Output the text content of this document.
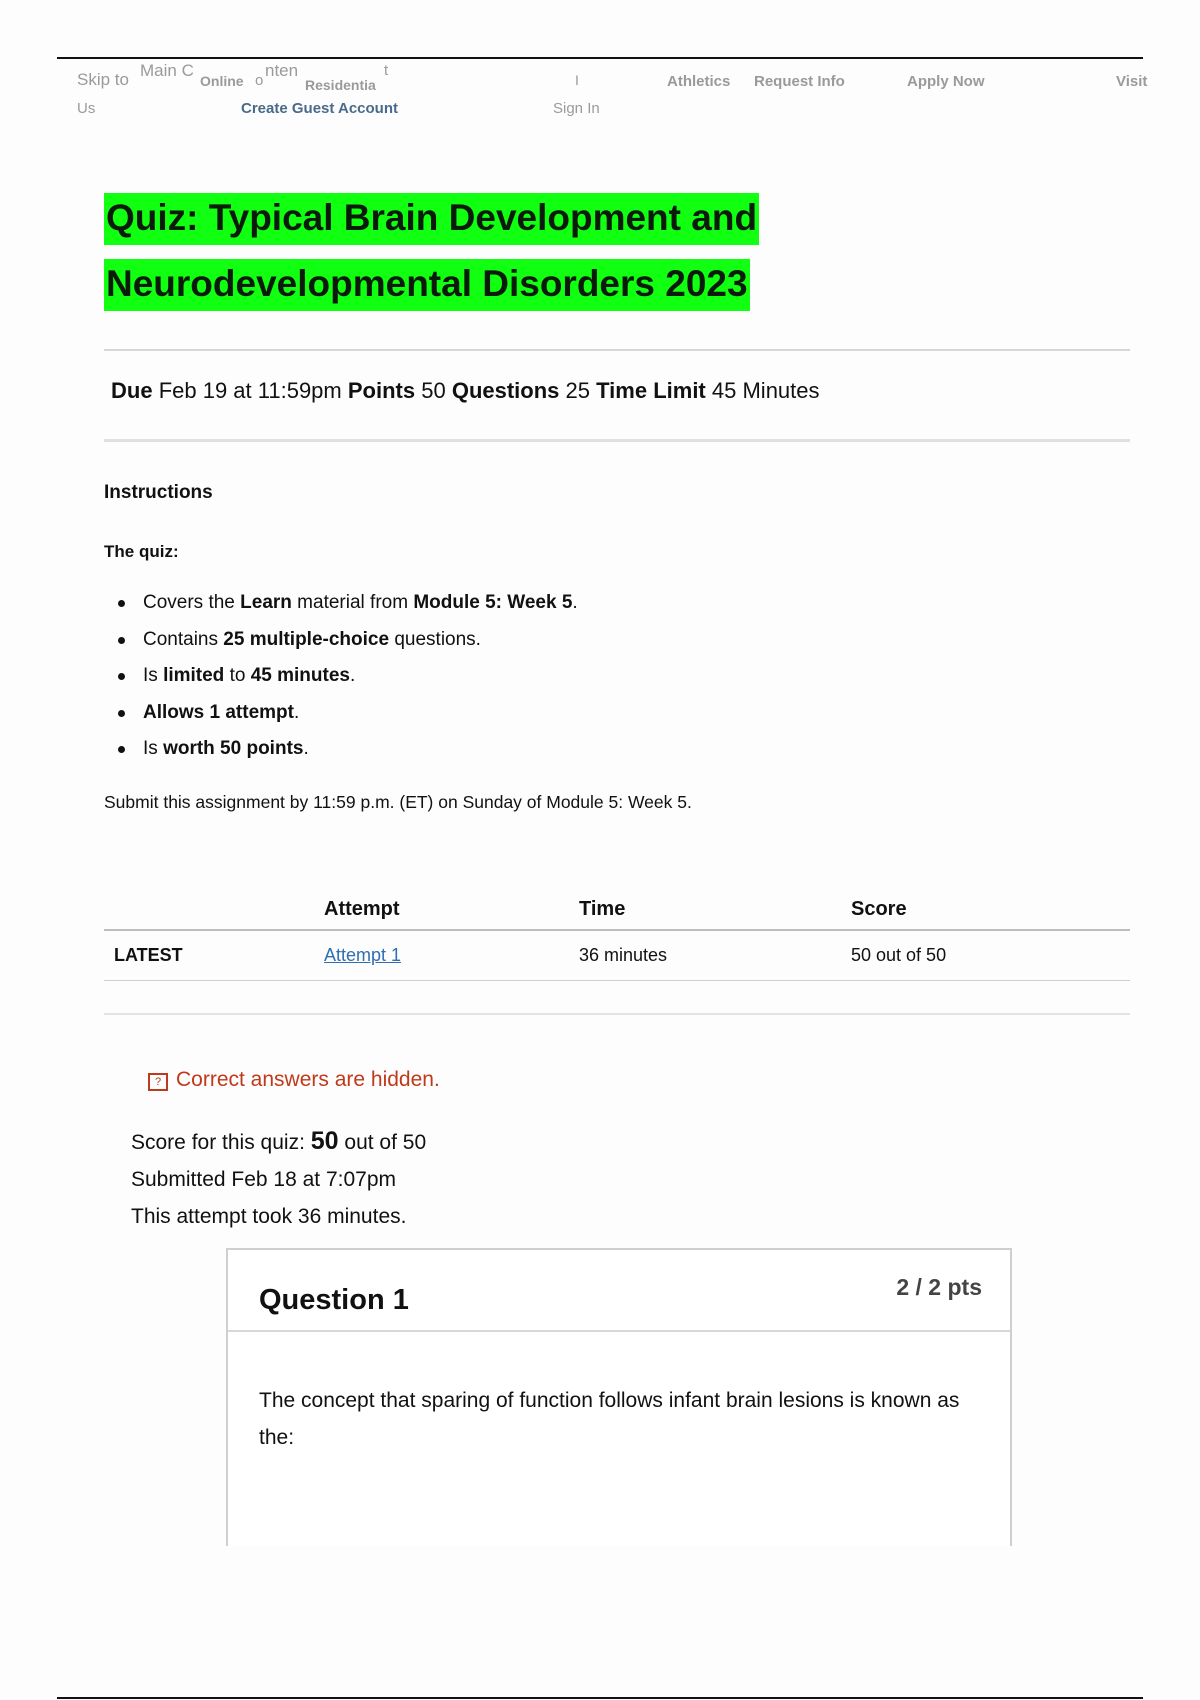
Skip to Main C
Online o
nten
Residentia
t
I	Athletics Request Info	Apply Now	Visit
Us	Create Guest Account	Sign In
Quiz: Typical Brain Development and
Neurodevelopmental Disorders 2023
Due Feb 19 at 11:59pm Points 50 Questions 25 Time Limit 45 Minutes
Instructions
The quiz:
Covers the Learn material from Module 5: Week 5.
Contains 25 multiple-choice questions.
Is limited to 45 minutes.
Allows 1 attempt.
Is worth 50 points.
Submit this assignment by 11:59 p.m. (ET) on Sunday of Module 5: Week 5.
	Attempt	Time	Score
LATEST	Attempt 1	36 minutes	50 out of 50
? Correct answers are hidden.
Score for this quiz: 50 out of 50
Submitted Feb 18 at 7:07pm
This attempt took 36 minutes.
Question 1	2 / 2 pts
The concept that sparing of function follows infant brain lesions is known as the:
